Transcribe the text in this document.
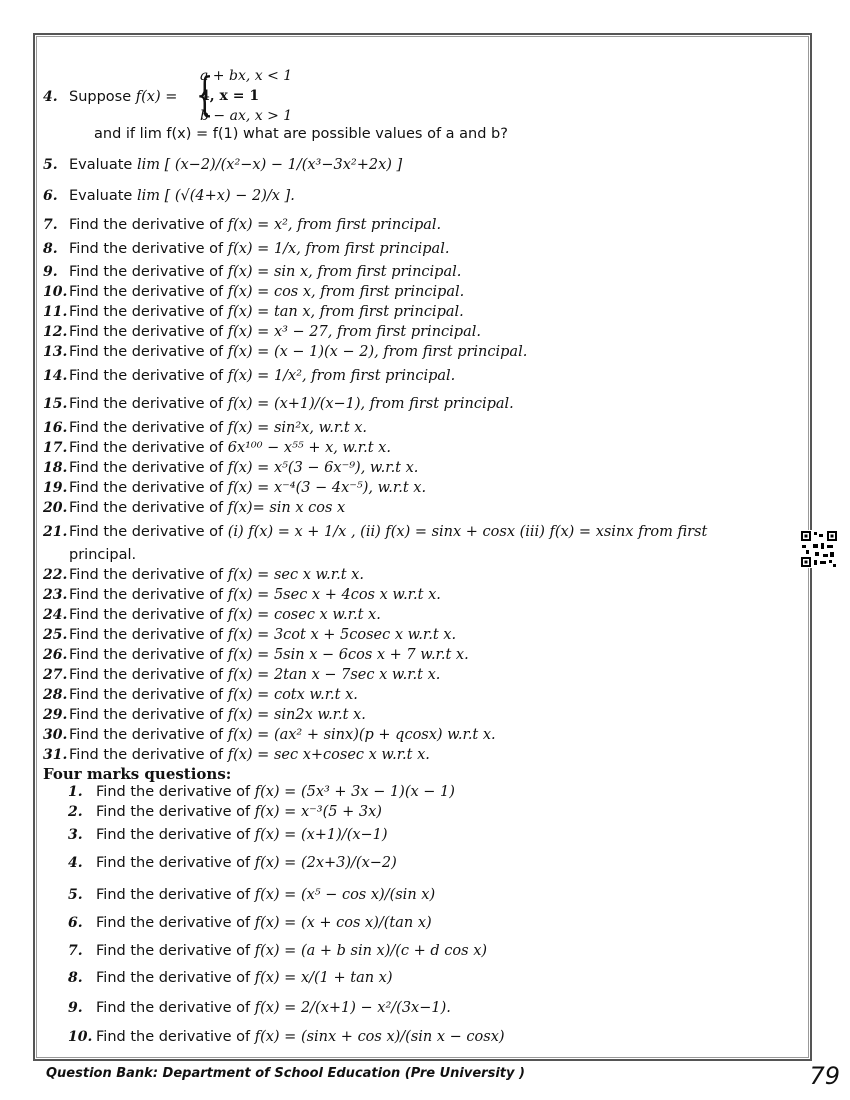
{
a + bx, x < 1
4, x = 1
b − ax, x > 1
4. Suppose f(x) =
and if lim f(x) = f(1) what are possible values of a and b?
5. Evaluate lim [ (x−2)/(x²−x) − 1/(x³−3x²+2x) ]
6. Evaluate lim [ (√(4+x) − 2)/x ].
7. Find the derivative of f(x) = x², from first principal.
8. Find the derivative of f(x) = 1/x, from first principal.
9. Find the derivative of f(x) = sin x, from first principal.
10. Find the derivative of f(x) = cos x, from first principal.
11. Find the derivative of f(x) = tan x, from first principal.
12. Find the derivative of f(x) = x³ − 27, from first principal.
13. Find the derivative of f(x) = (x − 1)(x − 2), from first principal.
14. Find the derivative of f(x) = 1/x², from first principal.
15. Find the derivative of f(x) = (x+1)/(x−1), from first principal.
16. Find the derivative of f(x) = sin²x, w.r.t x.
17. Find the derivative of 6x¹⁰⁰ − x⁵⁵ + x, w.r.t x.
18. Find the derivative of f(x) = x⁵(3 − 6x⁻⁹), w.r.t x.
19. Find the derivative of f(x) = x⁻⁴(3 − 4x⁻⁵), w.r.t x.
20. Find the derivative of f(x)= sin x cos x
21. Find the derivative of (i) f(x) = x + 1/x , (ii) f(x) = sinx + cosx (iii) f(x) = xsinx from first
principal.
22. Find the derivative of f(x) = sec x w.r.t x.
23. Find the derivative of f(x) = 5sec x + 4cos x w.r.t x.
24. Find the derivative of f(x) = cosec x w.r.t x.
25. Find the derivative of f(x) = 3cot x + 5cosec x w.r.t x.
26. Find the derivative of f(x) = 5sin x − 6cos x + 7 w.r.t x.
27. Find the derivative of f(x) = 2tan x − 7sec x w.r.t x.
28. Find the derivative of f(x) = cotx w.r.t x.
29. Find the derivative of f(x) = sin2x w.r.t x.
30. Find the derivative of f(x) = (ax² + sinx)(p + qcosx) w.r.t x.
31. Find the derivative of f(x) = sec x+cosec x w.r.t x.
Four marks questions:
1. Find the derivative of f(x) = (5x³ + 3x − 1)(x − 1)
2. Find the derivative of f(x) = x⁻³(5 + 3x)
3. Find the derivative of f(x) = (x+1)/(x−1)
4. Find the derivative of f(x) = (2x+3)/(x−2)
5. Find the derivative of f(x) = (x⁵ − cos x)/(sin x)
6. Find the derivative of f(x) = (x + cos x)/(tan x)
7. Find the derivative of f(x) = (a + b sin x)/(c + d cos x)
8. Find the derivative of f(x) = x/(1 + tan x)
9. Find the derivative of f(x) = 2/(x+1) − x²/(3x−1).
10. Find the derivative of f(x) = (sinx + cos x)/(sin x − cosx)
Question Bank: Department of School Education (Pre University )	79
